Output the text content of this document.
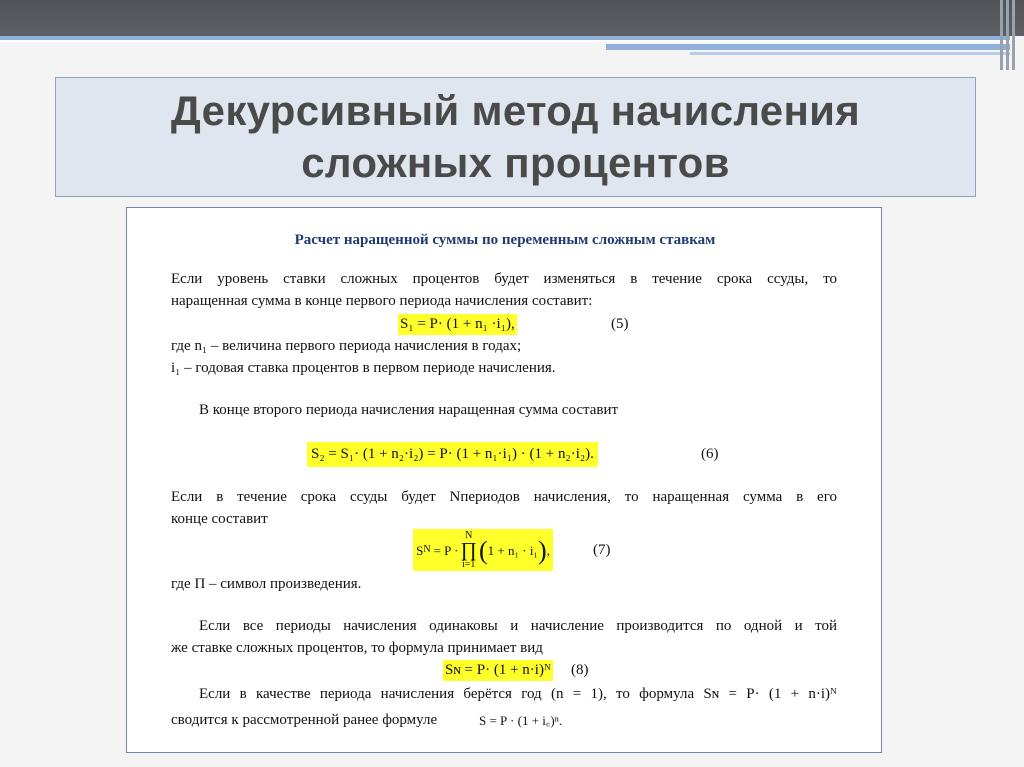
Декурсивный метод начисления
сложных процентов
Расчет наращенной суммы по переменным сложным ставкам
Если уровень ставки сложных процентов будет изменяться в течение срока ссуды, то
наращенная сумма в конце первого периода начисления составит:
S₁ = P· (1 + n₁ ·i₁),	(5)
где n₁ – величина первого периода начисления в годах;
i₁ – годовая ставка процентов в первом периоде начисления.
В конце второго периода начисления наращенная сумма составит
S₂ = S₁· (1 + n₂·i₂) = P· (1 + n₁·i₁) · (1 + n₂·i₂).	(6)
Если в течение срока ссуды будет Nпериодов начисления, то наращенная сумма в его
конце составит
S N = P ·
N
∏
i=1 ( 1 + n₁ · i₁ ) ,	(7)
где П – символ произведения.
Если все периоды начисления одинаковы и начисление производится по одной и той
же ставке сложных процентов, то формула принимает вид
Sɴ = P· (1 + n·i)ᴺ (8)
Если в качестве периода начисления берётся год (n = 1), то формула Sɴ = P· (1 + n·i)ᴺ
сводится к рассмотренной ранее формуле	S = P · (1 + i꜀)ⁿ.
